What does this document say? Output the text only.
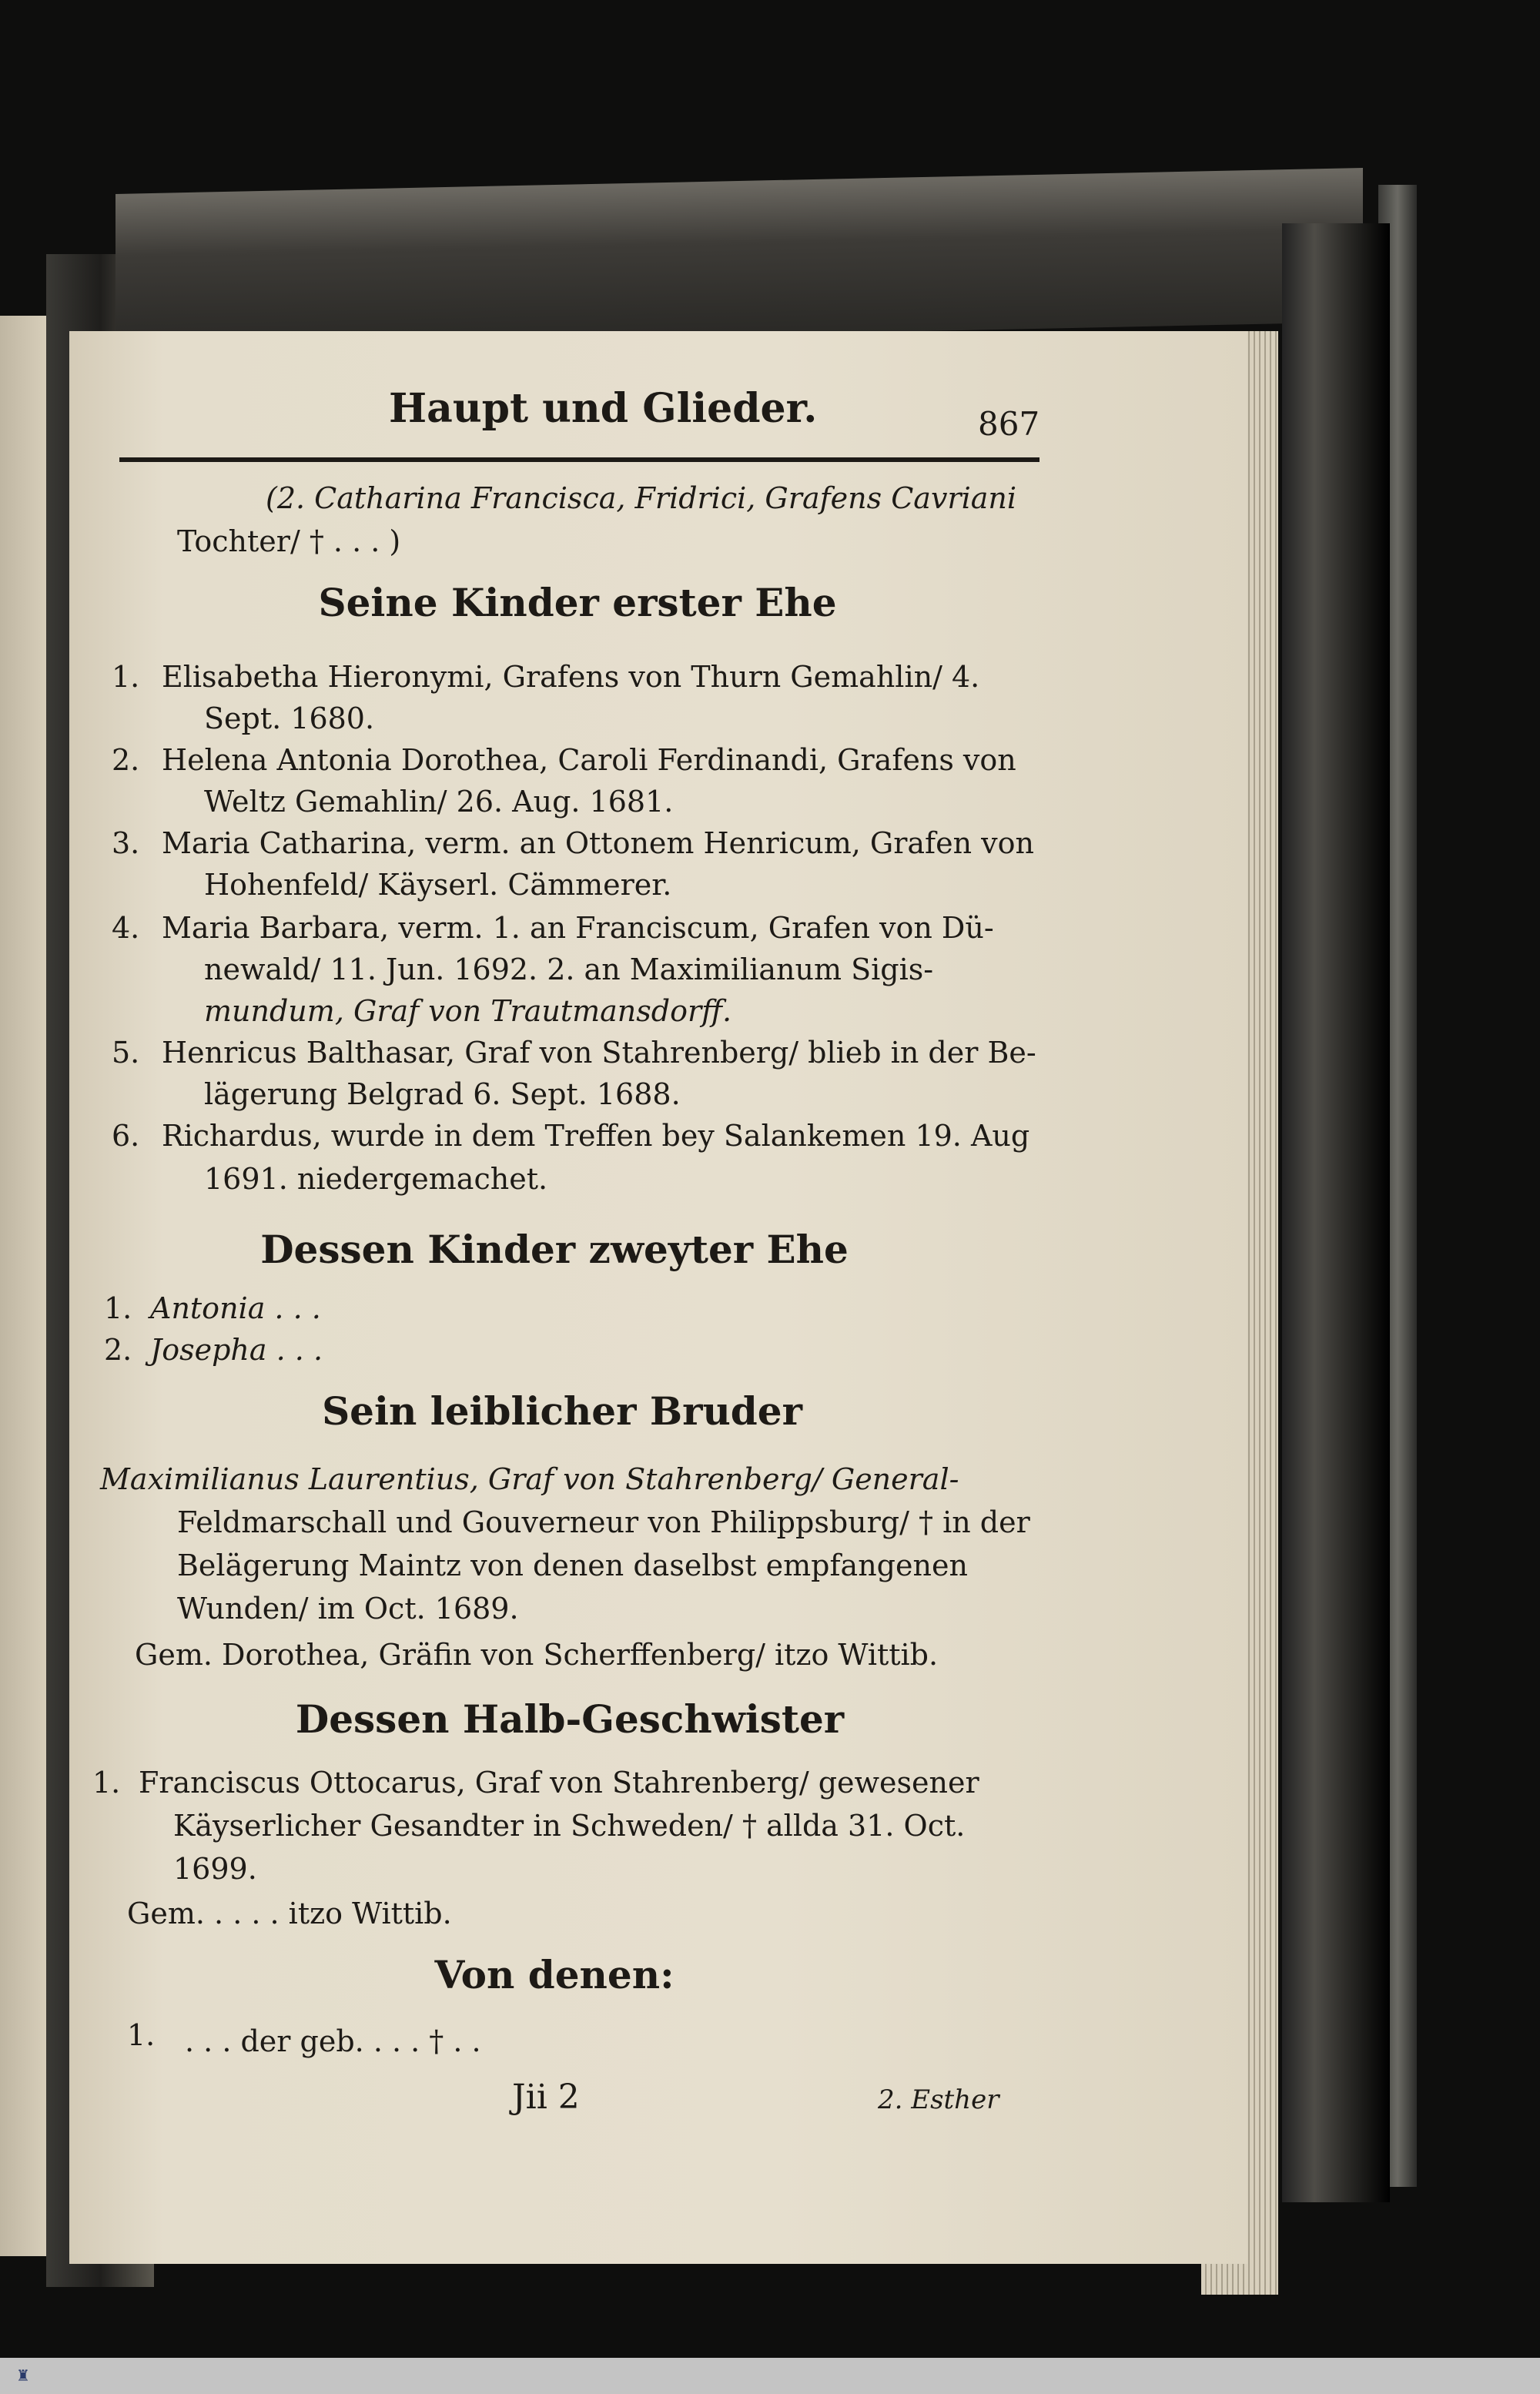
Haupt und Glieder.	867
(2. Catharina Francisca, Fridrici, Grafens Cavriani
Tochter/ † . . . )
Seine Kinder erster Ehe
1. Elisabetha Hieronymi, Grafens von Thurn Gemahlin/ 4.
Sept. 1680.
2. Helena Antonia Dorothea, Caroli Ferdinandi, Grafens von
Weltz Gemahlin/ 26. Aug. 1681.
3. Maria Catharina, verm. an Ottonem Henricum, Grafen von
Hohenfeld/ Käyserl. Cämmerer.
4. Maria Barbara, verm. 1. an Franciscum, Grafen von Dü-
newald/ 11. Jun. 1692. 2. an Maximilianum Sigis-
mundum, Graf von Trautmansdorff.
5. Henricus Balthasar, Graf von Stahrenberg/ blieb in der Be-
lägerung Belgrad 6. Sept. 1688.
6. Richardus, wurde in dem Treffen bey Salankemen 19. Aug
1691. niedergemachet.
Dessen Kinder zweyter Ehe
1. Antonia . . .
2. Josepha . . .
Sein leiblicher Bruder
Maximilianus Laurentius, Graf von Stahrenberg/ General-
Feldmarschall und Gouverneur von Philippsburg/ † in der
Belägerung Maintz von denen daselbst empfangenen
Wunden/ im Oct. 1689.
Gem. Dorothea, Gräfin von Scherffenberg/ itzo Wittib.
Dessen Halb-Geschwister
1. Franciscus Ottocarus, Graf von Stahrenberg/ gewesener
Käyserlicher Gesandter in Schweden/ † allda 31. Oct.
1699.
Gem. . . . . itzo Wittib.
Von denen:
1. . . . der geb. . . . † . .
Jii 2	2. Esther
♜
